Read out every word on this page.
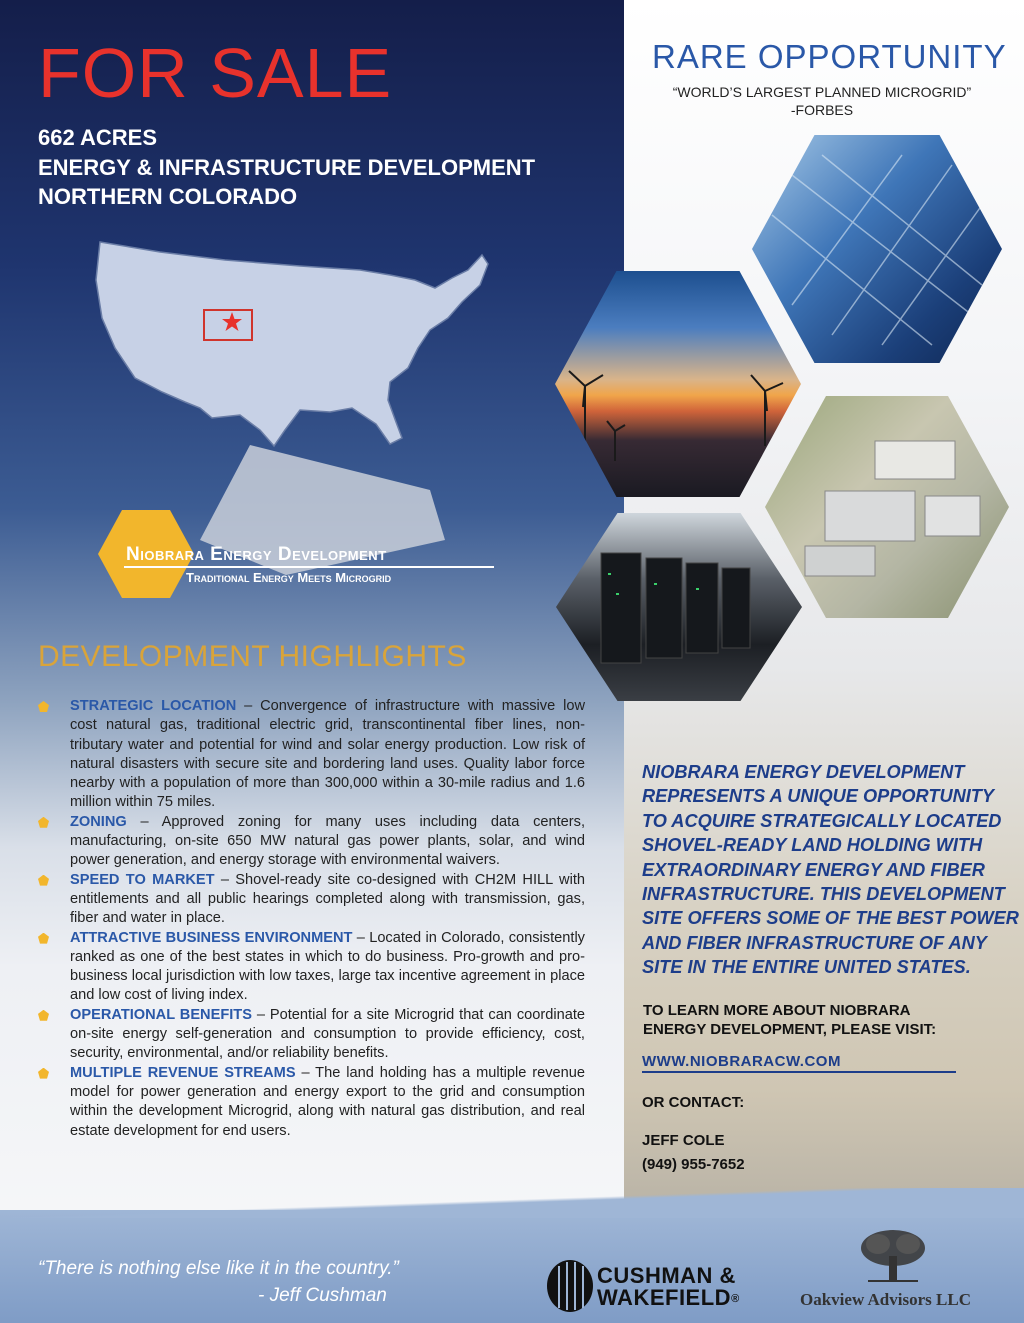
FOR SALE
662 ACRES
ENERGY & INFRASTRUCTURE DEVELOPMENT
NORTHERN COLORADO
RARE OPPORTUNITY
“WORLD’S LARGEST PLANNED MICROGRID”
-FORBES
Niobrara Energy Development
Traditional Energy Meets Microgrid
DEVELOPMENT HIGHLIGHTS
STRATEGIC LOCATION – Convergence of infrastructure with massive low cost natural gas, traditional electric grid, transcontinental fiber lines, non-tributary water and potential for wind and solar energy production. Low risk of natural disasters with secure site and bordering land uses. Quality labor force nearby with a population of more than 300,000 within a 30-mile radius and 1.6 million within 75 miles.
ZONING – Approved zoning for many uses including data centers, manufacturing, on-site 650 MW natural gas power plants, solar, and wind power generation, and energy storage with environmental waivers.
SPEED TO MARKET – Shovel-ready site co-designed with CH2M HILL with entitlements and all public hearings completed along with transmission, gas, fiber and water in place.
ATTRACTIVE BUSINESS ENVIRONMENT – Located in Colorado, consistently ranked as one of the best states in which to do business. Pro-growth and pro-business local jurisdiction with low taxes, large tax incentive agreement in place and low cost of living index.
OPERATIONAL BENEFITS – Potential for a site Microgrid that can coordinate on-site energy self-generation and consumption to provide efficiency, cost, security, environmental, and/or reliability benefits.
MULTIPLE REVENUE STREAMS – The land holding has a multiple revenue model for power generation and energy export to the grid and consumption within the development Microgrid, along with natural gas distribution, and real estate development for end users.
NIOBRARA ENERGY DEVELOPMENT REPRESENTS A UNIQUE OPPORTUNITY TO ACQUIRE STRATEGICALLY LOCATED SHOVEL-READY LAND HOLDING WITH EXTRAORDINARY ENERGY AND FIBER INFRASTRUCTURE. THIS DEVELOPMENT SITE OFFERS SOME OF THE BEST POWER AND FIBER INFRASTRUCTURE OF ANY SITE IN THE ENTIRE UNITED STATES.
TO LEARN MORE ABOUT NIOBRARA ENERGY DEVELOPMENT, PLEASE VISIT:
WWW.NIOBRARACW.COM
OR CONTACT:
JEFF COLE
(949) 955-7652
“There is nothing else like it in the country.”
- Jeff Cushman
CUSHMAN &
WAKEFIELD®	Oakview Advisors LLC
